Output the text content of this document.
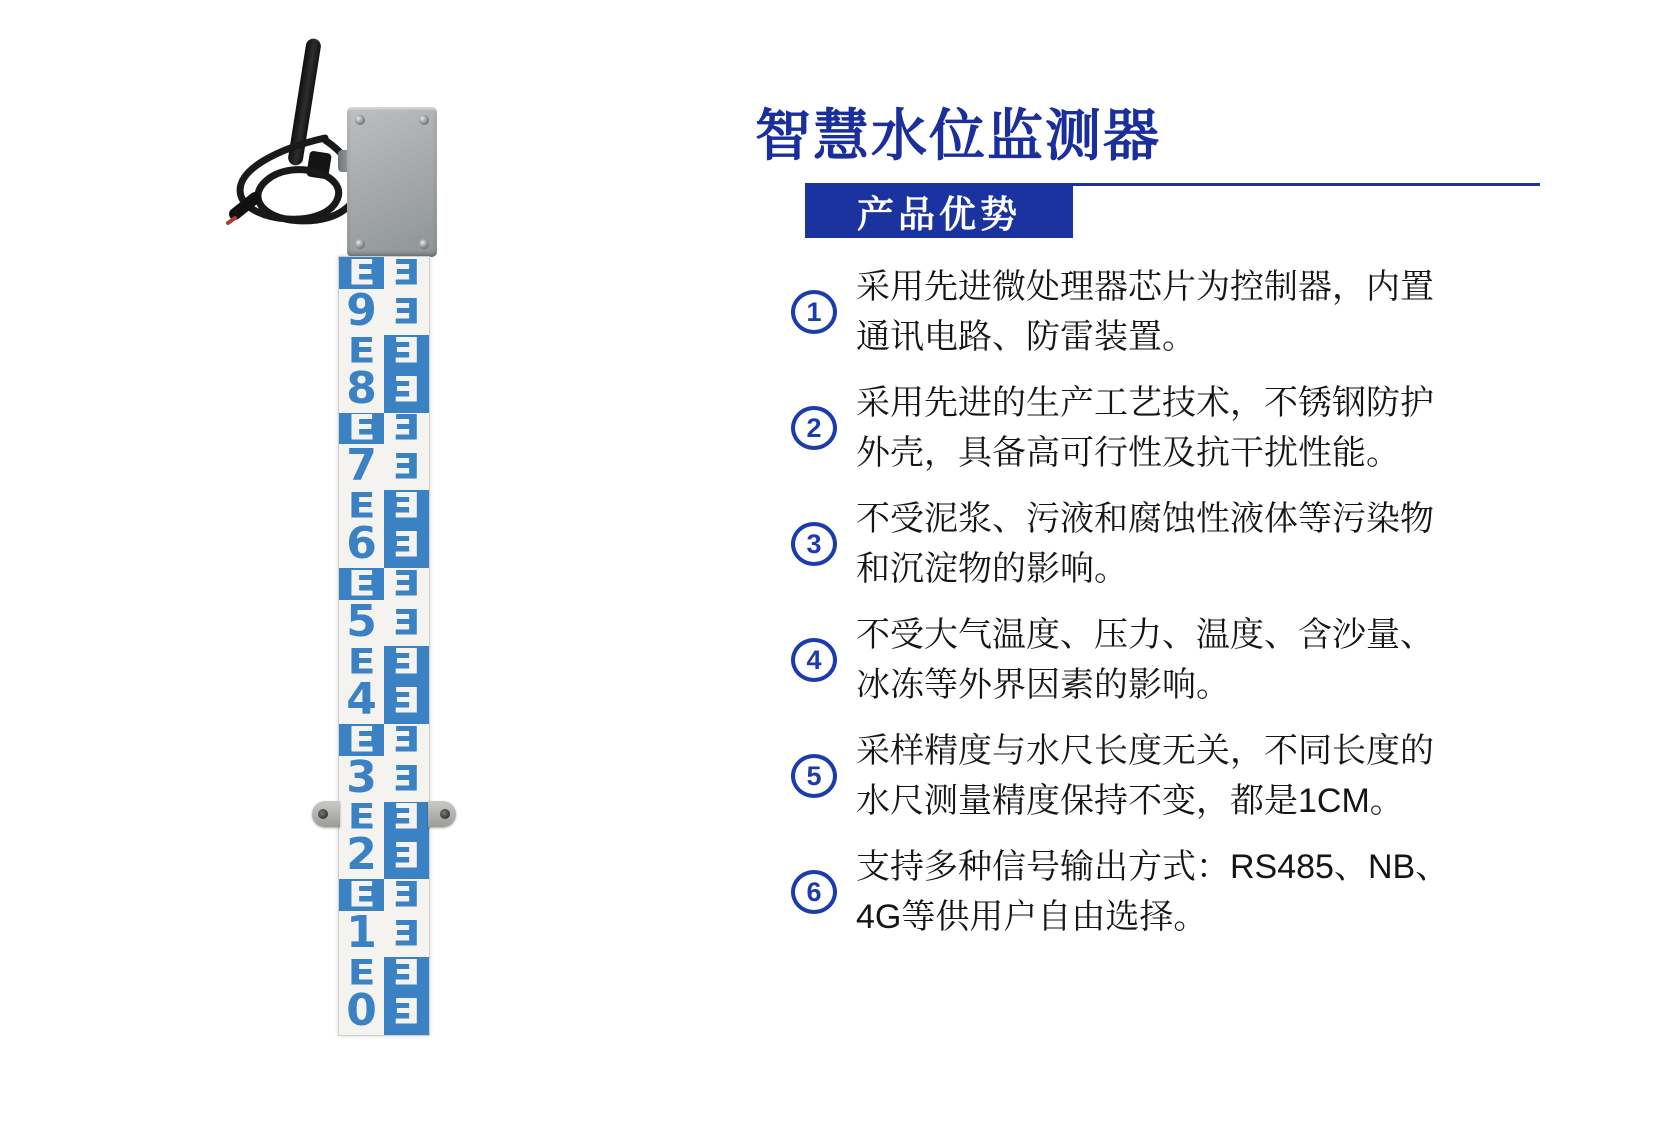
E E
9 E
E E
8 E
E E
7 E
E E
6 E
E E
5 E
E E
4 E
E E
3 E
E E
2 E
E E
1 E
E E
0 E
智慧水位监测器
产品优势
1
采用先进微处理器芯片为控制器，内置
通讯电路、防雷装置。
2
采用先进的生产工艺技术，不锈钢防护
外壳，具备高可行性及抗干扰性能。
3
不受泥浆、污液和腐蚀性液体等污染物
和沉淀物的影响。
4
不受大气温度、压力、温度、含沙量、
冰冻等外界因素的影响。
5
采样精度与水尺长度无关，不同长度的
水尺测量精度保持不变，都是1CM。
6
支持多种信号输出方式：RS485、NB、
4G等供用户自由选择。
